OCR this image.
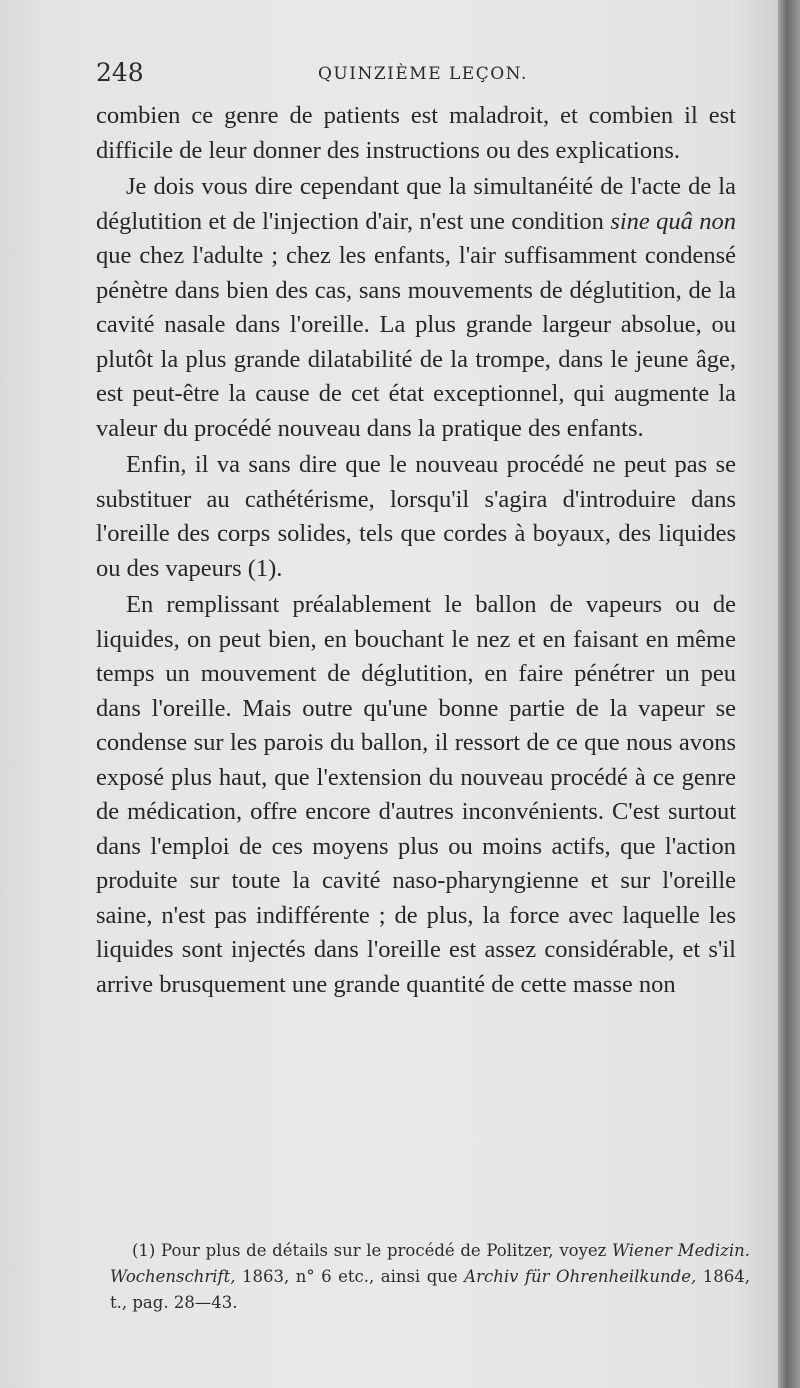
248	QUINZIÈME LEÇON.

combien ce genre de patients est maladroit, et combien il est difficile de leur donner des instructions ou des explications.

Je dois vous dire cependant que la simultanéité de l'acte de la déglutition et de l'injection d'air, n'est une condition sine quâ non que chez l'adulte ; chez les enfants, l'air suffisamment condensé pénètre dans bien des cas, sans mouvements de déglutition, de la cavité nasale dans l'oreille. La plus grande largeur absolue, ou plutôt la plus grande dilatabilité de la trompe, dans le jeune âge, est peut-être la cause de cet état exceptionnel, qui augmente la valeur du procédé nouveau dans la pratique des enfants.

Enfin, il va sans dire que le nouveau procédé ne peut pas se substituer au cathétérisme, lorsqu'il s'agira d'introduire dans l'oreille des corps solides, tels que cordes à boyaux, des liquides ou des vapeurs (1).

En remplissant préalablement le ballon de vapeurs ou de liquides, on peut bien, en bouchant le nez et en faisant en même temps un mouvement de déglutition, en faire pénétrer un peu dans l'oreille. Mais outre qu'une bonne partie de la vapeur se condense sur les parois du ballon, il ressort de ce que nous avons exposé plus haut, que l'extension du nouveau procédé à ce genre de médication, offre encore d'autres inconvénients. C'est surtout dans l'emploi de ces moyens plus ou moins actifs, que l'action produite sur toute la cavité naso-pharyngienne et sur l'oreille saine, n'est pas indifférente ; de plus, la force avec laquelle les liquides sont injectés dans l'oreille est assez considérable, et s'il arrive brusquement une grande quantité de cette masse non

(1) Pour plus de détails sur le procédé de Politzer, voyez Wiener Medizin. Wochenschrift, 1863, n° 6 etc., ainsi que Archiv für Ohrenheilkunde, 1864, t., pag. 28—43.
